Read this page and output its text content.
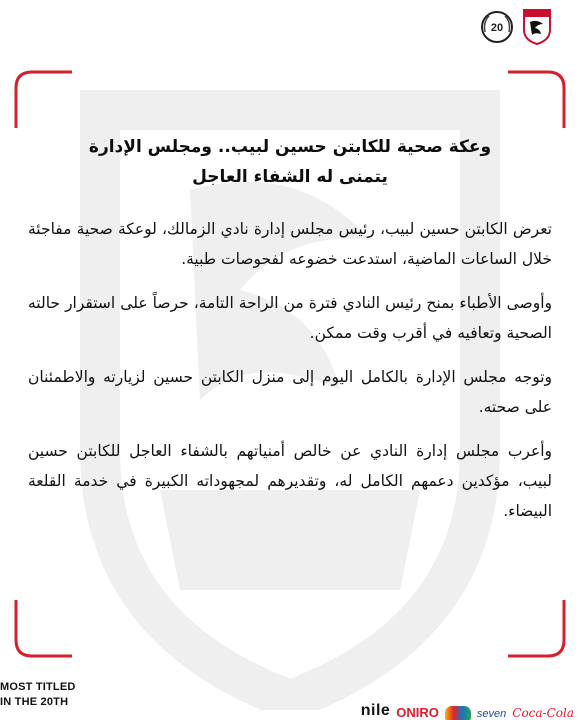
20
وعكة صحية للكابتن حسين لبيب.. ومجلس الإدارة
يتمنى له الشفاء العاجل

تعرض الكابتن حسين لبيب، رئيس مجلس إدارة نادي الزمالك، لوعكة صحية مفاجئة خلال الساعات الماضية، استدعت خضوعه لفحوصات طبية.

وأوصى الأطباء بمنح رئيس النادي فترة من الراحة التامة، حرصاً على استقرار حالته الصحية وتعافيه في أقرب وقت ممكن.

وتوجه مجلس الإدارة بالكامل اليوم إلى منزل الكابتن حسين لزيارته والاطمئنان على صحته.

وأعرب مجلس إدارة النادي عن خالص أمنياتهم بالشفاء العاجل للكابتن حسين لبيب، مؤكدين دعمهم الكامل له، وتقديرهم لمجهوداته الكبيرة في خدمة القلعة البيضاء.

MOST TITLED
IN THE 20TH	nile ONIRO	seven Coca-Cola
